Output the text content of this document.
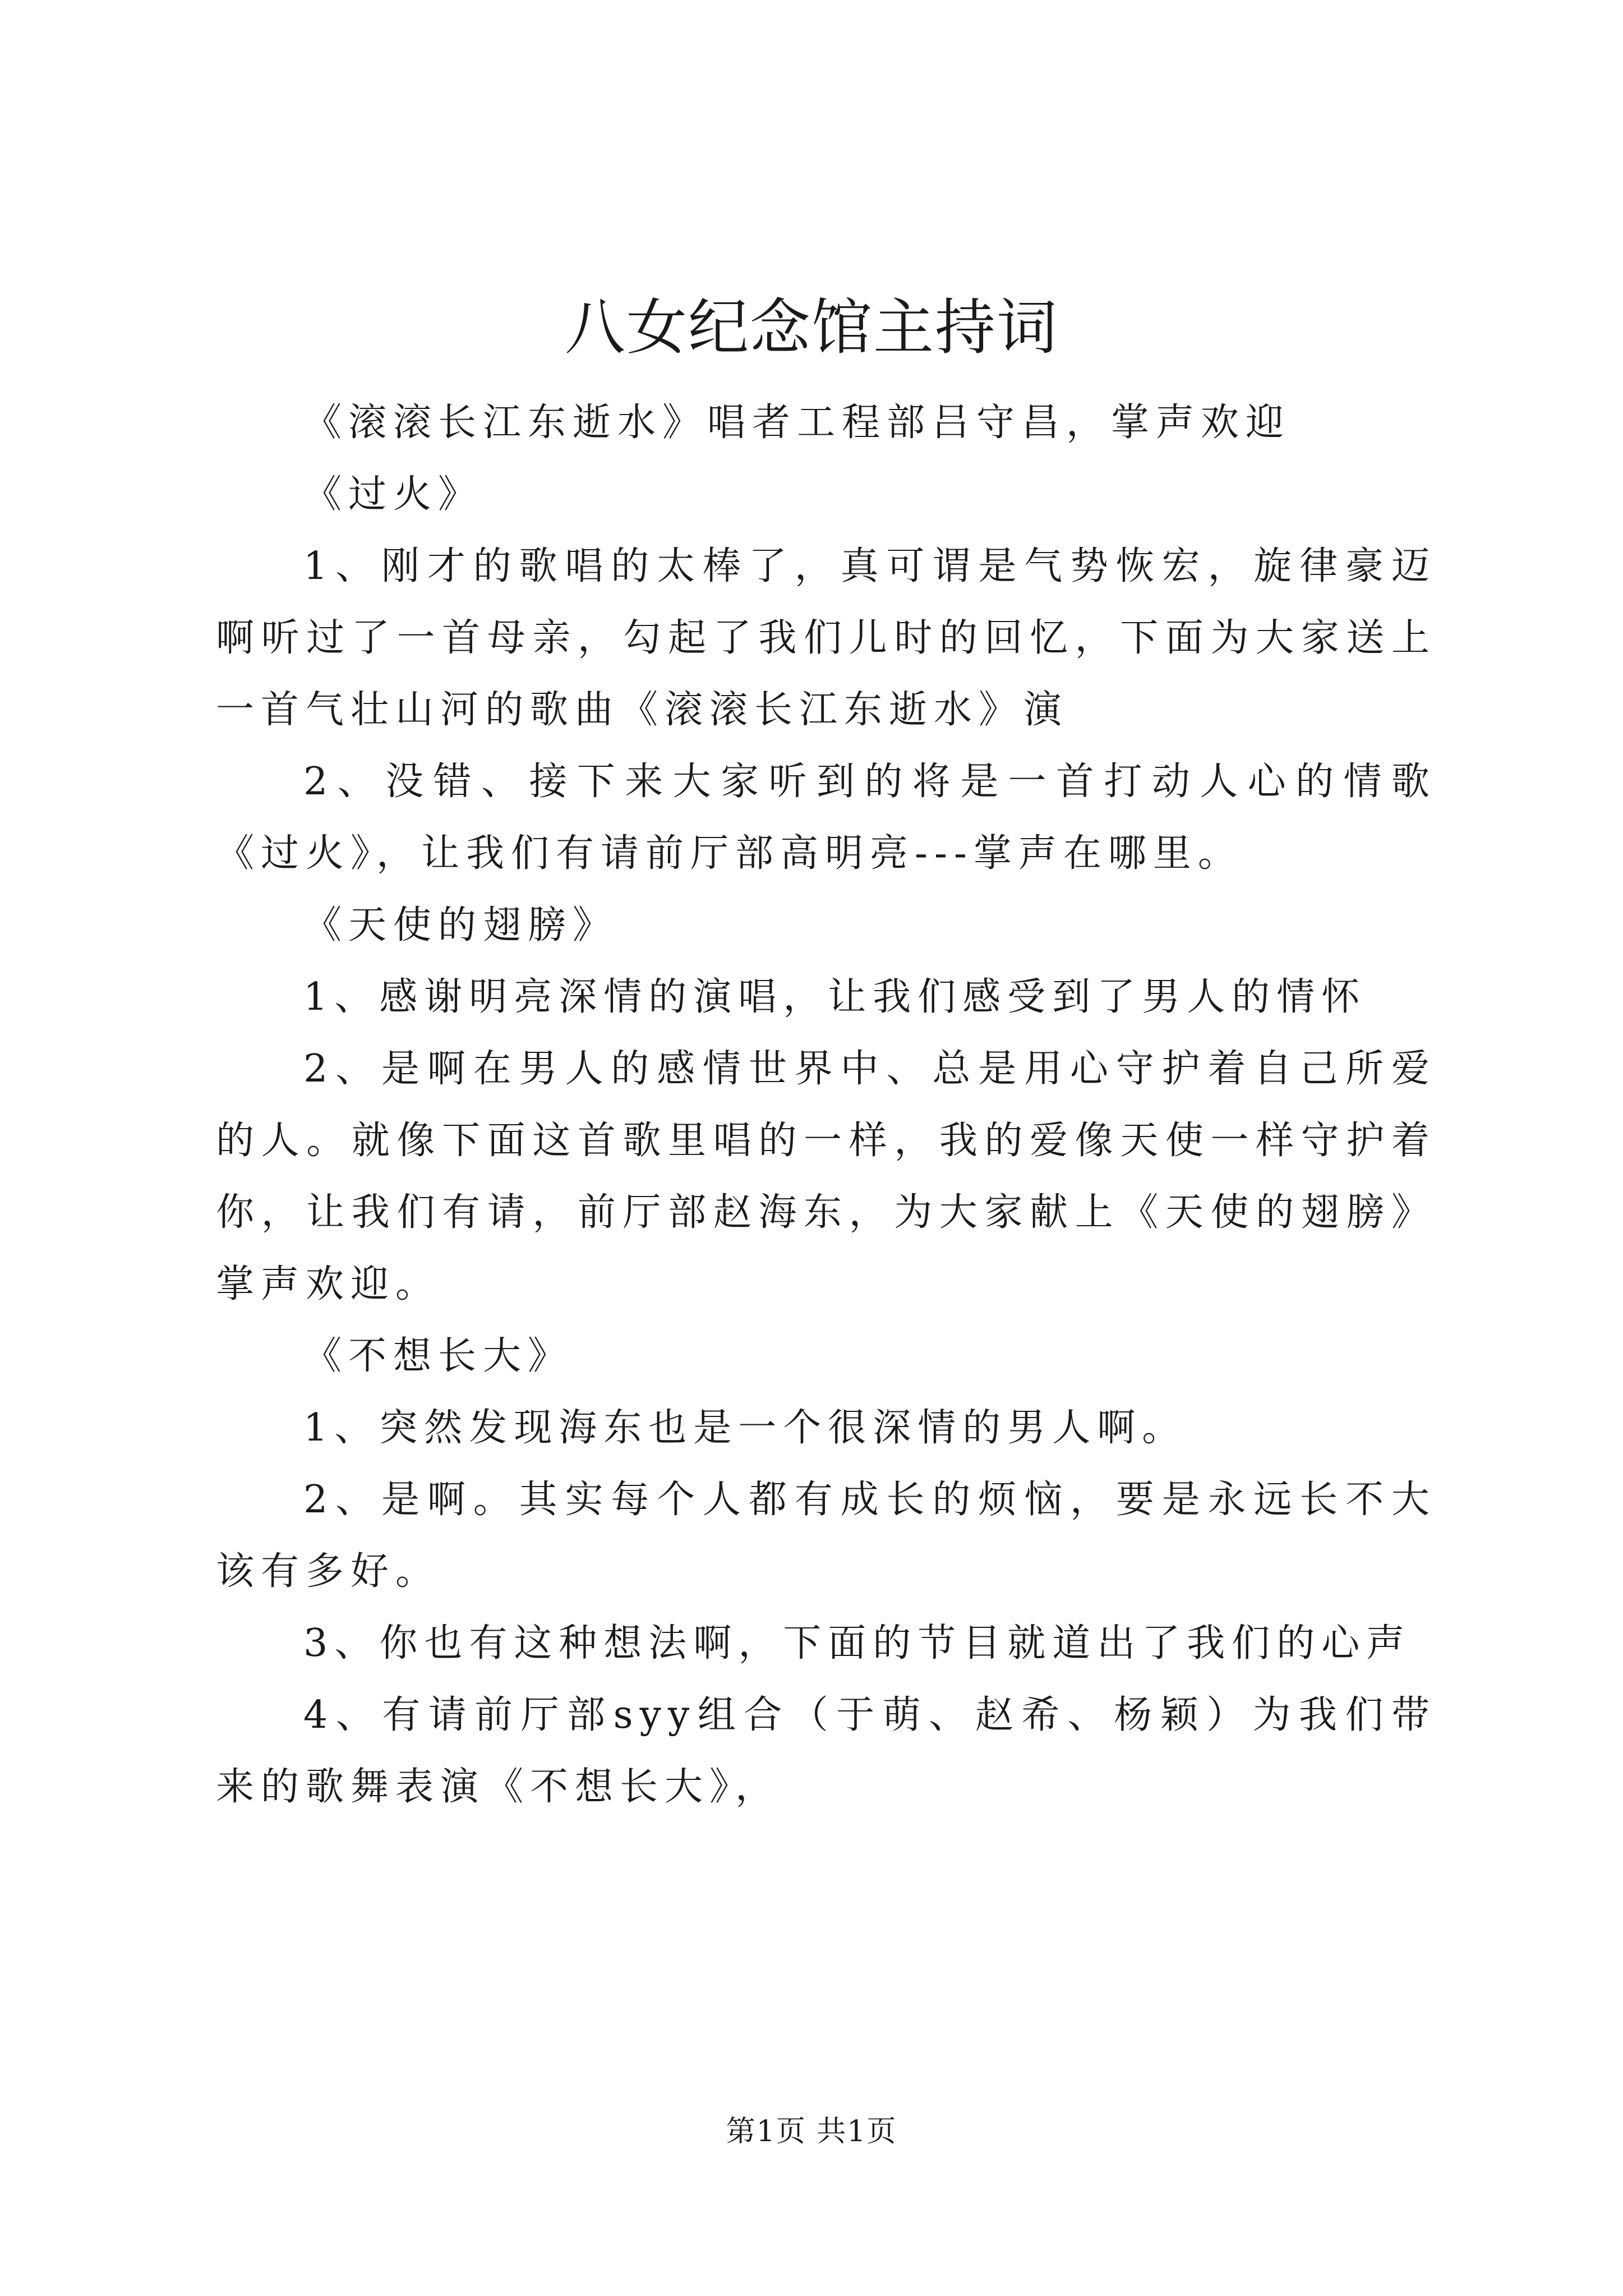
八女纪念馆主持词

《滚滚长江东逝水》唱者工程部吕守昌，掌声欢迎

《过火》

1、刚才的歌唱的太棒了，真可谓是气势恢宏，旋律豪迈啊听过了一首母亲，勾起了我们儿时的回忆，下面为大家送上一首气壮山河的歌曲《滚滚长江东逝水》演

2、没错、接下来大家听到的将是一首打动人心的情歌《过火》，让我们有请前厅部高明亮---掌声在哪里。

《天使的翅膀》

1、感谢明亮深情的演唱，让我们感受到了男人的情怀

2、是啊在男人的感情世界中、总是用心守护着自己所爱的人。就像下面这首歌里唱的一样，我的爱像天使一样守护着你，让我们有请，前厅部赵海东，为大家献上《天使的翅膀》掌声欢迎。

《不想长大》

1、突然发现海东也是一个很深情的男人啊。

2、是啊。其实每个人都有成长的烦恼，要是永远长不大该有多好。

3、你也有这种想法啊，下面的节目就道出了我们的心声

4、有请前厅部syy组合（于萌、赵希、杨颖）为我们带来的歌舞表演《不想长大》，

第1页 共1页
